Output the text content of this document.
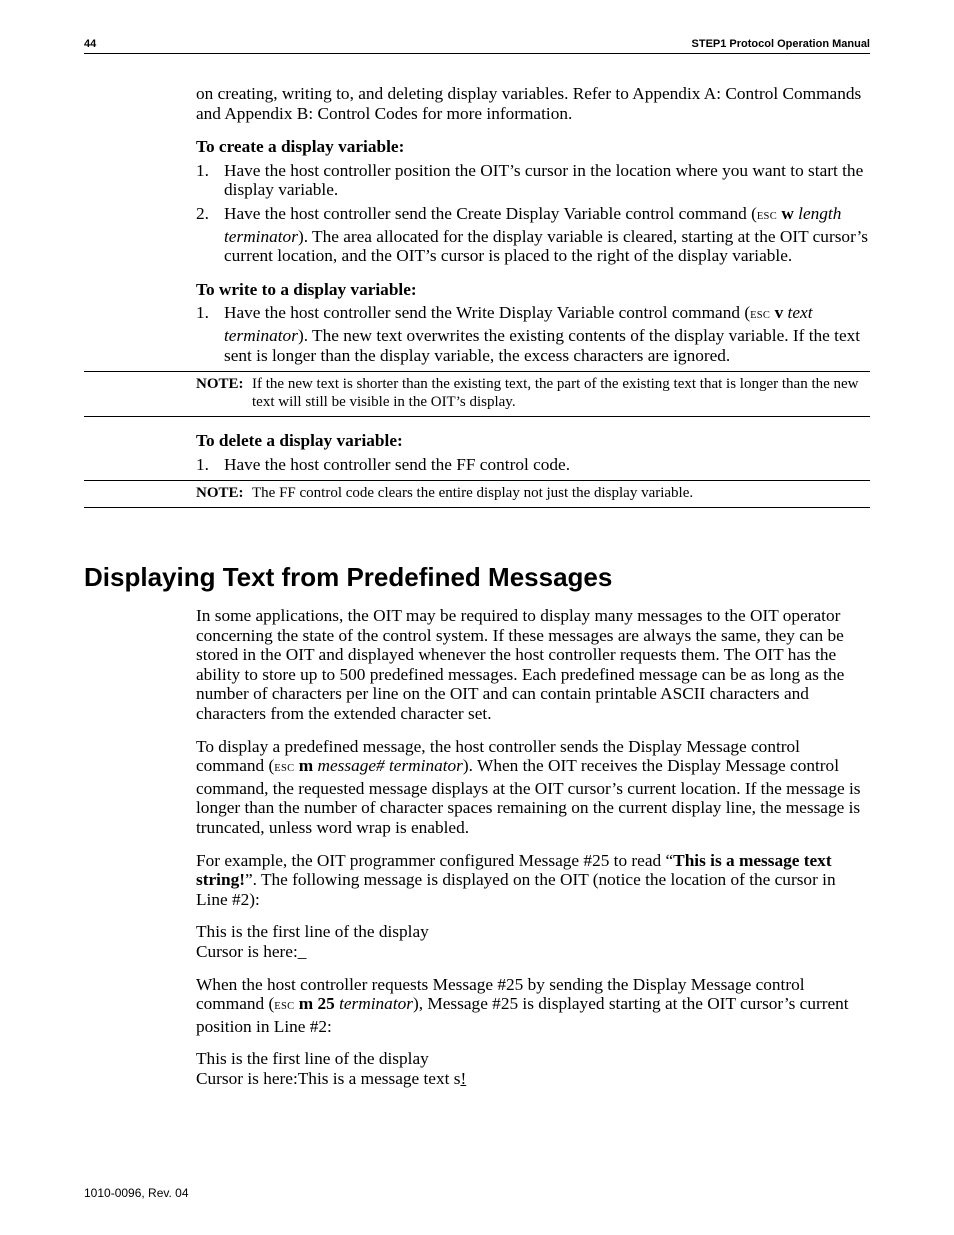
44	STEP1 Protocol Operation Manual

on creating, writing to, and deleting display variables. Refer to Appendix A: Control Commands and Appendix B: Control Codes for more information.

To create a display variable:

1. Have the host controller position the OIT’s cursor in the location where you want to start the display variable.
2. Have the host controller send the Create Display Variable control command (ESC w length terminator). The area allocated for the display variable is cleared, starting at the OIT cursor’s current location, and the OIT’s cursor is placed to the right of the display variable.

To write to a display variable:

1. Have the host controller send the Write Display Variable control command (ESC v text terminator). The new text overwrites the existing contents of the display variable. If the text sent is longer than the display variable, the excess characters are ignored.
NOTE: If the new text is shorter than the existing text, the part of the existing text that is longer than the new text will still be visible in the OIT’s display.

To delete a display variable:

1. Have the host controller send the FF control code.
NOTE: The FF control code clears the entire display not just the display variable.
Displaying Text from Predefined Messages

In some applications, the OIT may be required to display many messages to the OIT operator concerning the state of the control system. If these messages are always the same, they can be stored in the OIT and displayed whenever the host controller requests them. The OIT has the ability to store up to 500 predefined messages. Each predefined message can be as long as the number of characters per line on the OIT and can contain printable ASCII characters and characters from the extended character set.

To display a predefined message, the host controller sends the Display Message control command (ESC m message# terminator). When the OIT receives the Display Message control command, the requested message displays at the OIT cursor’s current location. If the message is longer than the number of character spaces remaining on the current display line, the message is truncated, unless word wrap is enabled.

For example, the OIT programmer configured Message #25 to read “This is a message text string!”. The following message is displayed on the OIT (notice the location of the cursor in Line #2):

This is the first line of the display
Cursor is here:_

When the host controller requests Message #25 by sending the Display Message control command (ESC m 25 terminator), Message #25 is displayed starting at the OIT cursor’s current position in Line #2:

This is the first line of the display
Cursor is here:This is a message text s!

1010-0096, Rev. 04
